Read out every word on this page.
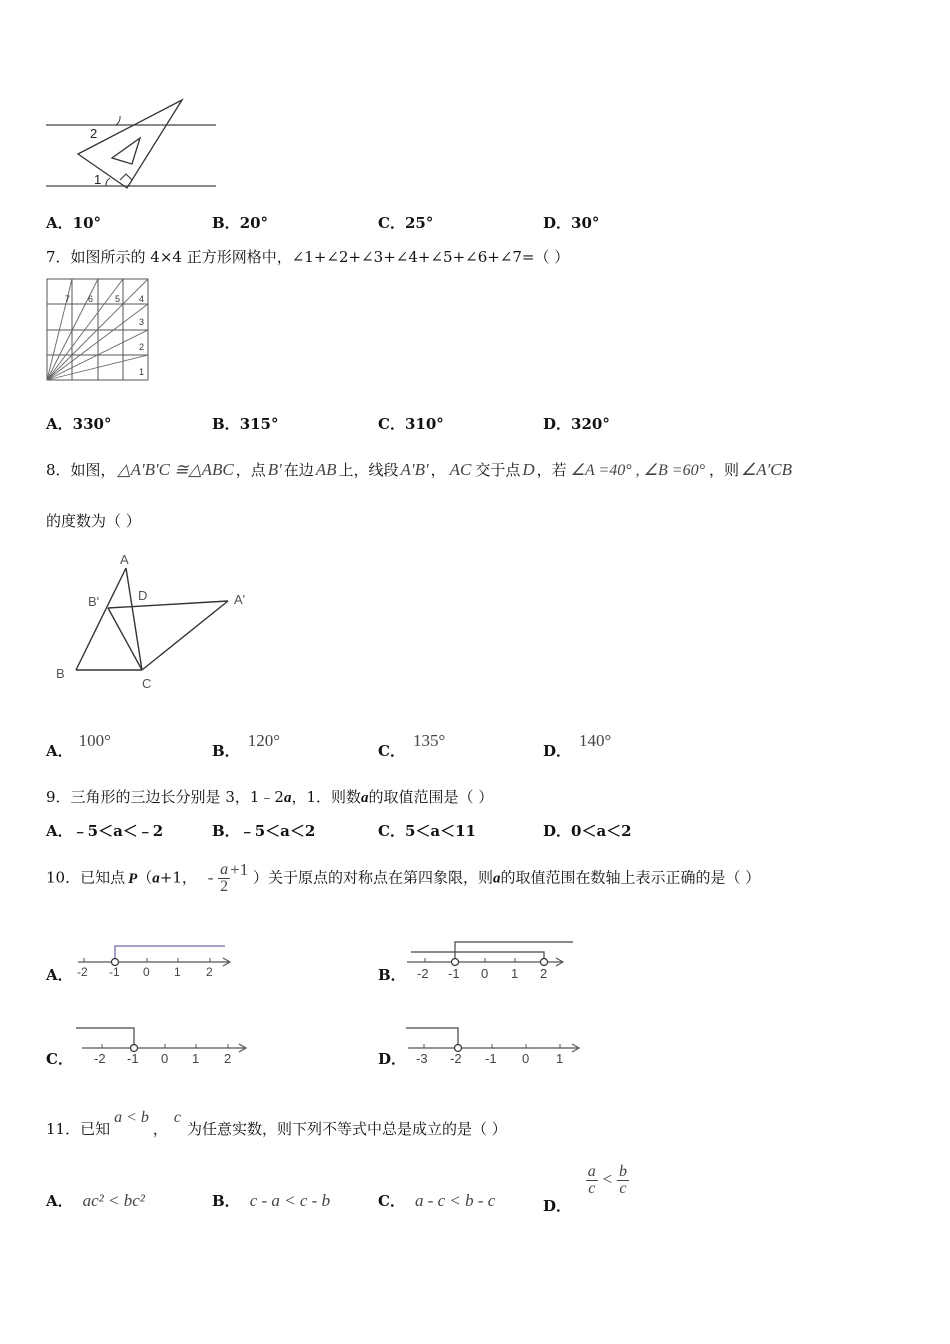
2
1
A．10°	B．20°	C．25°	D．30°
7．如图所示的 4×4 正方形网格中，∠1+∠2+∠3+∠4+∠5+∠6+∠7=（ ）
7 6 5 4
3
2
1
A．330°	B．315°	C．310°	D．320°
8．如图， △A'B'C ≅△ABC ，点 B' 在边 AB 上，线段 A'B' ， AC 交于点 D ，若 ∠A =40° , ∠B =60° ，则 ∠A'CB
的度数为（ ）
A
B'	D	A'
B
C
A．100°
B．120°
C．135°
D．140°
9．三角形的三边长分别是 3，1﹣2a，1．则数a的取值范围是（ ）
A．﹣5＜a＜﹣2	B．﹣5＜a＜2	C．5＜a＜11	D．0＜a＜2
10．已知点 P（a+1， - $\frac{a}{2} +1$ ）关于原点的对称点在第四象限，则a的取值范围在数轴上表示正确的是（ ）
A． -2 -1 0 1 2	B． -2 -1 0 1 2
C． -2 -1 0 1 2	D． -3 -2 -1 0 1
11．已知a < b，c为任意实数，则下列不等式中总是成立的是（ ）
A． ac² < bc²	B． c - a < c - b	C． a - c < b - c	D．
$\frac{a}{c} < \frac{b}{c}$
